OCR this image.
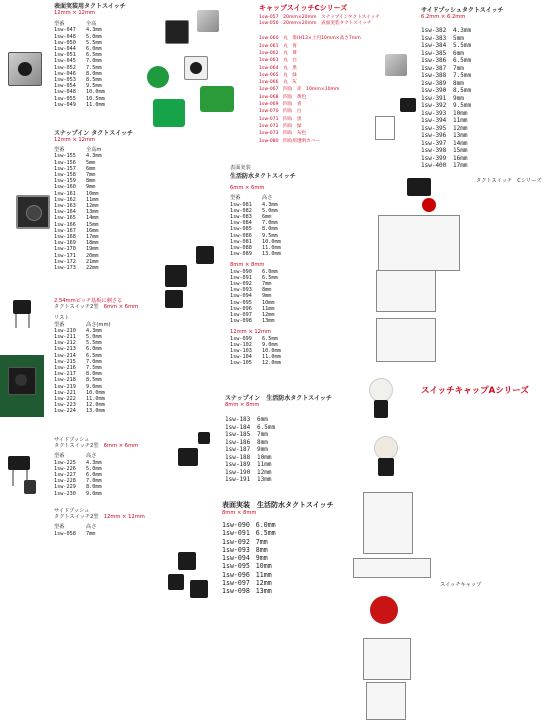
表面実装用タクトスイッチ
12mm × 12mm
型番	全高
1sw-047	4.3mm
1sw-048	5.0mm
1sw-050	5.5mm
1sw-044	6.0mm
1sw-051	6.5mm
1sw-045	7.0mm
1sw-052	7.5mm
1sw-046	8.0mm
1sw-053	8.5mm
1sw-054	9.5mm
1sw-048	10.0mm
1sw-055	10.5mm
1sw-049	11.0mm
スナップイン タクトスイッチ
12mm × 12mm
型番	全高m
1sw-155	4.3mm
1sw-156	5mm
1sw-157	6mm
1sw-158	7mm
1sw-159	8mm
1sw-160	9mm
1sw-161	10mm
1sw-162	11mm
1sw-163	12mm
1sw-164	13mm
1sw-165	14mm
1sw-166	15mm
1sw-167	16mm
1sw-168	17mm
1sw-169	18mm
1sw-170	19mm
1sw-171	20mm
1sw-172	21mm
1sw-173	22mm
2.54mmピッチ基板に刺さる
タクトスイッチ2型　 6mm × 6mm
リスト
型番	高さ(mm)
1sw-210	4.3mm
1sw-211	5.0mm
1sw-212	5.5mm
1sw-213	6.0mm
1sw-214	6.5mm
1sw-215	7.0mm
1sw-216	7.5mm
1sw-217	8.0mm
1sw-218	8.5mm
1sw-219	9.0mm
1sw-221	10.0mm
1sw-222	11.0mm
1sw-223	12.0mm
1sw-224	13.0mm
サイドプッシュ
タクトスイッチ2型　 6mm × 6mm
型番	高さ
1sw-225	4.3mm
1sw-226	5.0mm
1sw-227	6.0mm
1sw-228	7.0mm
1sw-229	8.0mm
1sw-230	9.0mm
サイドプッシュ
タクトスイッチ2型　 12mm × 12mm
型番	高さ
1sw-058	7mm
キャップスイッチCシリーズ
1sw-057　20mm×20mm　スナップインタクトスイッチ
1sw-056　20mm×20mm　表面実装タクトスイッチ
1sw-060　丸　茶(H13×上円10mm×高さ7mm
1sw-061　丸　青
1sw-062　丸　黄
1sw-063　丸　白
1sw-064　丸　黒
1sw-065　丸　緑
1sw-066　丸　灰
1sw-067　四角　赤　10mm×10mm
1sw-068　四角　黄色
1sw-069　四角　青
1sw-070　四角　白
1sw-071　四角　黒
1sw-072　四角　緑
1sw-073　四角　灰色
1sw-080　四角用透明カバー
表面実装
生活防水タクトスイッチ
6mm × 6mm
型番	高さ
1sw-081	4.3mm
1sw-082	5.0mm
1sw-083	6mm
1sw-084	7.0mm
1sw-085	8.0mm
1sw-086	9.5mm
1sw-081	10.0mm
1sw-088	11.0mm
1sw-089	13.0mm
8mm × 8mm
1sw-090	6.0mm
1sw-091	6.5mm
1sw-092	7mm
1sw-093	8mm
1sw-094	9mm
1sw-095	10mm
1sw-096	11mm
1sw-097	12mm
1sw-098	13mm
12mm × 12mm
1sw-099	6.5mm
1sw-102	9.0mm
1sw-103	10.0mm
1sw-104	11.0mm
1sw-105	12.0mm
スナップイン　生活防水タクトスイッチ
8mm × 8mm
1sw-183 6mm
1sw-184 6.5mm
1sw-185 7mm
1sw-186 8mm
1sw-187 9mm
1sw-188 10mm
1sw-189 11mm
1sw-190 12mm
1sw-191 13mm
表面実装　生活防水タクトスイッチ
8mm × 8mm
1sw-090 6.0mm
1sw-091 6.5mm
1sw-092 7mm
1sw-093 8mm
1sw-094 9mm
1sw-095 10mm
1sw-096 11mm
1sw-097 12mm
1sw-098 13mm
サイドプッシュタクトスイッチ
6.2mm × 6.2mm
1sw-382 4.3mm
1sw-383 5mm
1sw-384 5.5mm
1sw-385 6mm
1sw-386 6.5mm
1sw-387 7mm
1sw-388 7.5mm
1sw-389 8mm
1sw-390 8.5mm
1sw-391 9mm
1sw-392 9.5mm
1sw-393 10mm
1sw-394 11mm
1sw-395 12mm
1sw-396 13mm
1sw-397 14mm
1sw-398 15mm
1sw-399 16mm
1sw-400 17mm
タクトスイッチ　Cシリーズ

スイッチキャップAシリーズ
スイッチキャップ
